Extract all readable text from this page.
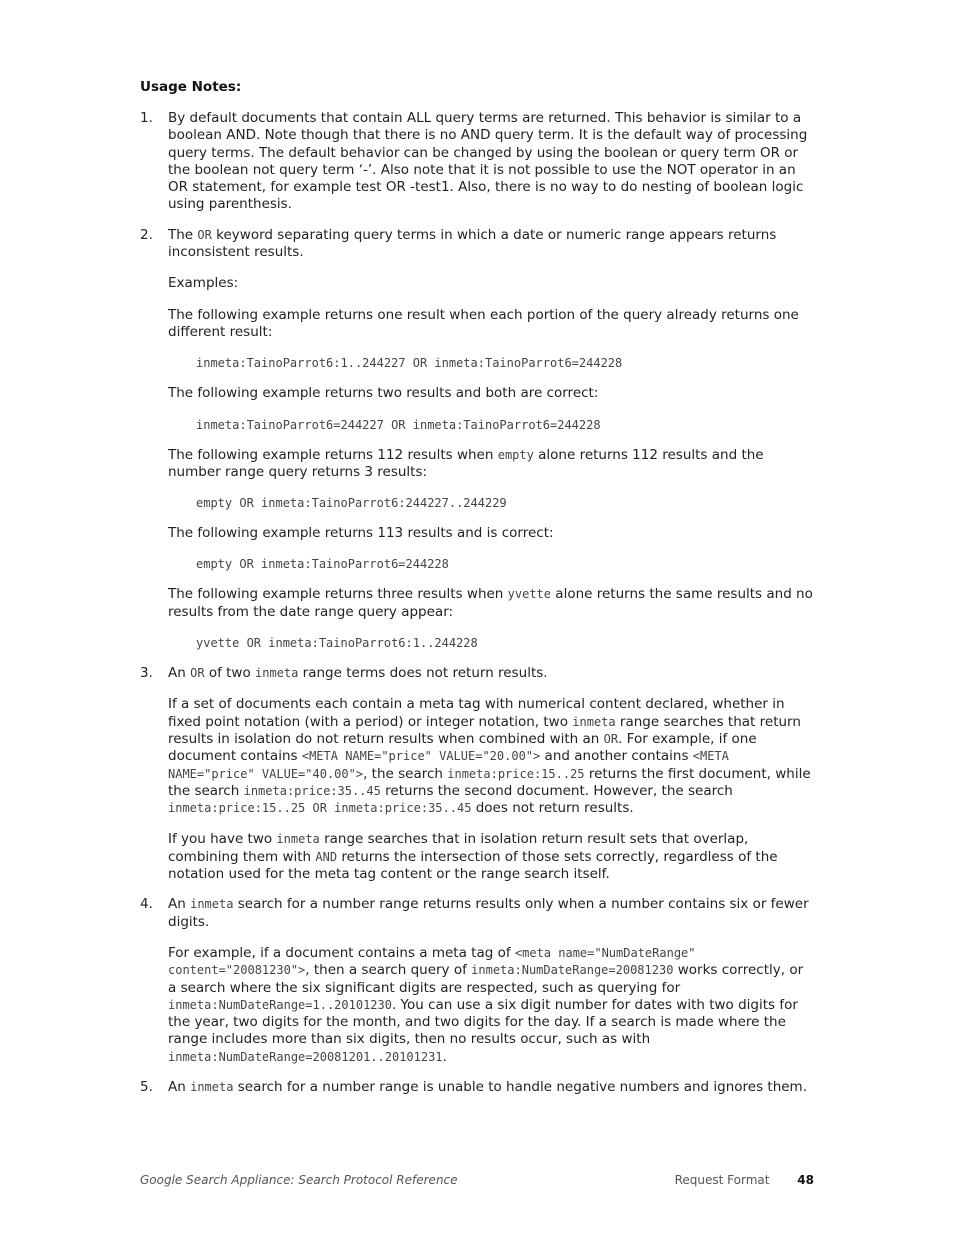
Usage Notes:
1. By default documents that contain ALL query terms are returned. This behavior is similar to a boolean AND. Note though that there is no AND query term. It is the default way of processing query terms. The default behavior can be changed by using the boolean or query term OR or the boolean not query term ‘-’. Also note that it is not possible to use the NOT operator in an OR statement, for example test OR -test1. Also, there is no way to do nesting of boolean logic using parenthesis.

2. The OR keyword separating query terms in which a date or numeric range appears returns inconsistent results.

Examples:

The following example returns one result when each portion of the query already returns one different result:

inmeta:TainoParrot6:1..244227 OR inmeta:TainoParrot6=244228

The following example returns two results and both are correct:

inmeta:TainoParrot6=244227 OR inmeta:TainoParrot6=244228

The following example returns 112 results when empty alone returns 112 results and the number range query returns 3 results:

empty OR inmeta:TainoParrot6:244227..244229

The following example returns 113 results and is correct:

empty OR inmeta:TainoParrot6=244228

The following example returns three results when yvette alone returns the same results and no results from the date range query appear:

yvette OR inmeta:TainoParrot6:1..244228
3. An OR of two inmeta range terms does not return results.

If a set of documents each contain a meta tag with numerical content declared, whether in fixed point notation (with a period) or integer notation, two inmeta range searches that return results in isolation do not return results when combined with an OR. For example, if one document contains <META NAME="price" VALUE="20.00"> and another contains <META NAME="price" VALUE="40.00">, the search inmeta:price:15..25 returns the first document, while the search inmeta:price:35..45 returns the second document. However, the search inmeta:price:15..25 OR inmeta:price:35..45 does not return results.

If you have two inmeta range searches that in isolation return result sets that overlap, combining them with AND returns the intersection of those sets correctly, regardless of the notation used for the meta tag content or the range search itself.

4. An inmeta search for a number range returns results only when a number contains six or fewer digits.

For example, if a document contains a meta tag of <meta name="NumDateRange" content="20081230">, then a search query of inmeta:NumDateRange=20081230 works correctly, or a search where the six significant digits are respected, such as querying for inmeta:NumDateRange=1..20101230. You can use a six digit number for dates with two digits for the year, two digits for the month, and two digits for the day. If a search is made where the range includes more than six digits, then no results occur, such as with inmeta:NumDateRange=20081201..20101231.

5. An inmeta search for a number range is unable to handle negative numbers and ignores them.

Google Search Appliance: Search Protocol Reference	Request Format 48
